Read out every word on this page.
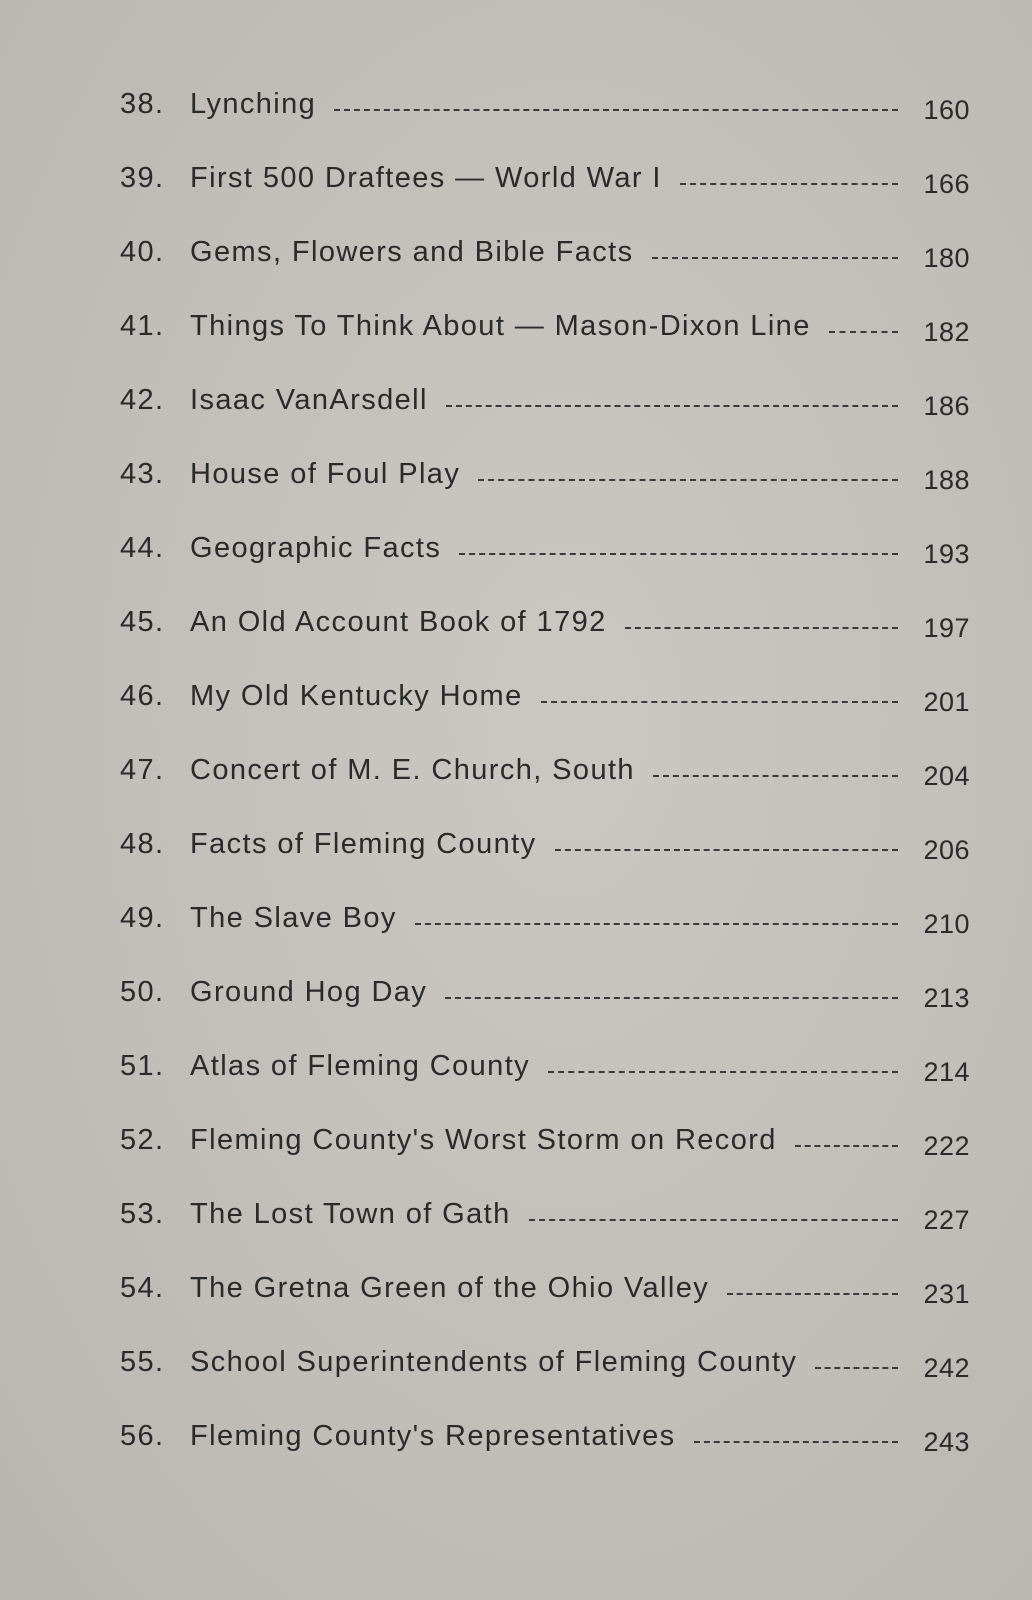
38. Lynching	160
39. First 500 Draftees — World War I	166
40. Gems, Flowers and Bible Facts	180
41. Things To Think About — Mason-Dixon Line	182
42. Isaac VanArsdell	186
43. House of Foul Play	188
44. Geographic Facts	193
45. An Old Account Book of 1792	197
46. My Old Kentucky Home	201
47. Concert of M. E. Church, South	204
48. Facts of Fleming County	206
49. The Slave Boy	210
50. Ground Hog Day	213
51. Atlas of Fleming County	214
52. Fleming County's Worst Storm on Record	222
53. The Lost Town of Gath	227
54. The Gretna Green of the Ohio Valley	231
55. School Superintendents of Fleming County	242
56. Fleming County's Representatives	243
